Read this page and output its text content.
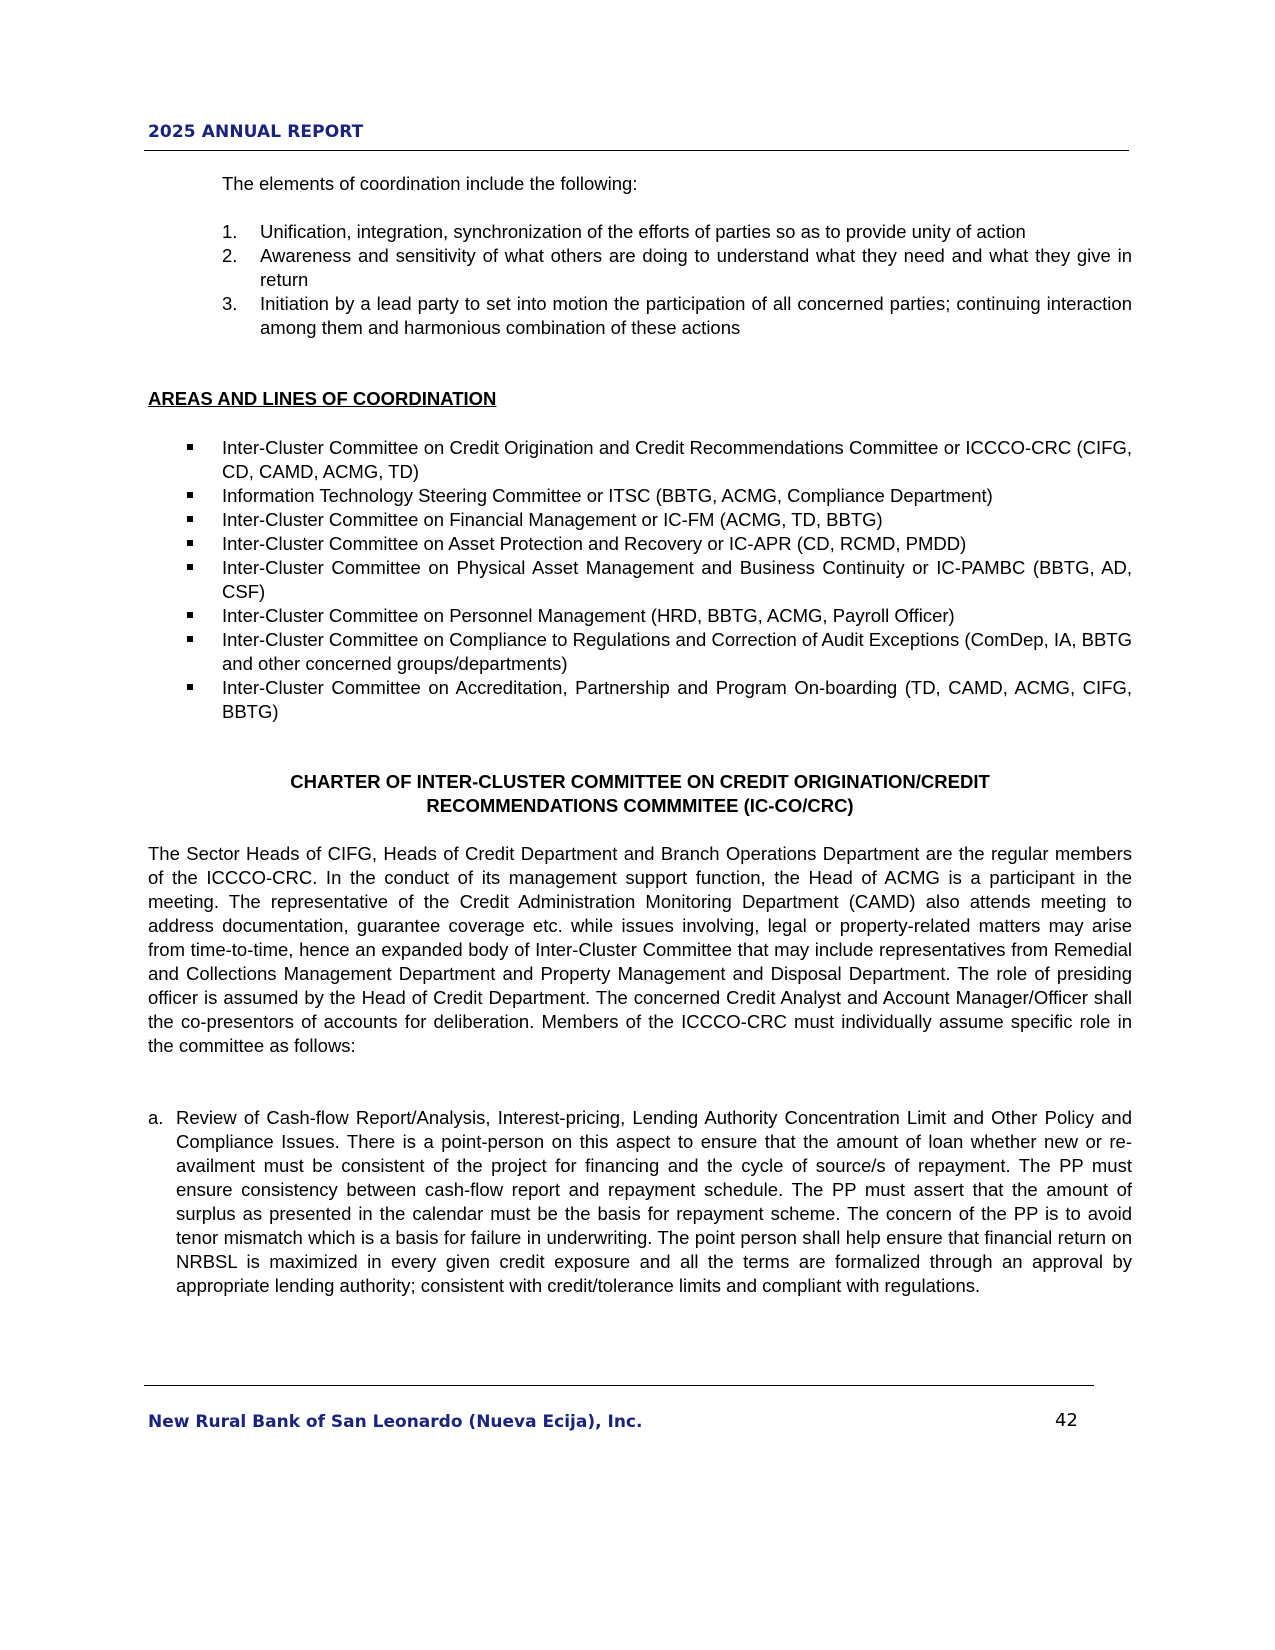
2025 ANNUAL REPORT
The elements of coordination include the following:
1.	Unification, integration, synchronization of the efforts of parties so as to provide unity of action
2.	Awareness and sensitivity of what others are doing to understand what they need and what they give in return
3.	Initiation by a lead party to set into motion the participation of all concerned parties; continuing interaction among them and harmonious combination of these actions
AREAS AND LINES OF COORDINATION
Inter-Cluster Committee on Credit Origination and Credit Recommendations Committee or ICCCO-CRC (CIFG, CD, CAMD, ACMG, TD)
Information Technology Steering Committee or ITSC (BBTG, ACMG, Compliance Department)
Inter-Cluster Committee on Financial Management or IC-FM (ACMG, TD, BBTG)
Inter-Cluster Committee on Asset Protection and Recovery or IC-APR (CD, RCMD, PMDD)
Inter-Cluster Committee on Physical Asset Management and Business Continuity or IC-PAMBC (BBTG, AD, CSF)
Inter-Cluster Committee on Personnel Management (HRD, BBTG, ACMG, Payroll Officer)
Inter-Cluster Committee on Compliance to Regulations and Correction of Audit Exceptions (ComDep, IA, BBTG and other concerned groups/departments)
Inter-Cluster Committee on Accreditation, Partnership and Program On-boarding (TD, CAMD, ACMG, CIFG, BBTG)
CHARTER OF INTER-CLUSTER COMMITTEE ON CREDIT ORIGINATION/CREDIT
RECOMMENDATIONS COMMMITEE (IC-CO/CRC)
The Sector Heads of CIFG, Heads of Credit Department and Branch Operations Department are the regular members of the ICCCO-CRC. In the conduct of its management support function, the Head of ACMG is a participant in the meeting. The representative of the Credit Administration Monitoring Department (CAMD) also attends meeting to address documentation, guarantee coverage etc. while issues involving, legal or property-related matters may arise from time-to-time, hence an expanded body of Inter-Cluster Committee that may include representatives from Remedial and Collections Management Department and Property Management and Disposal Department. The role of presiding officer is assumed by the Head of Credit Department. The concerned Credit Analyst and Account Manager/Officer shall the co-presentors of accounts for deliberation. Members of the ICCCO-CRC must individually assume specific role in the committee as follows:
a. Review of Cash-flow Report/Analysis, Interest-pricing, Lending Authority Concentration Limit and Other Policy and Compliance Issues. There is a point-person on this aspect to ensure that the amount of loan whether new or re-availment must be consistent of the project for financing and the cycle of source/s of repayment. The PP must ensure consistency between cash-flow report and repayment schedule. The PP must assert that the amount of surplus as presented in the calendar must be the basis for repayment scheme. The concern of the PP is to avoid tenor mismatch which is a basis for failure in underwriting. The point person shall help ensure that financial return on NRBSL is maximized in every given credit exposure and all the terms are formalized through an approval by appropriate lending authority; consistent with credit/tolerance limits and compliant with regulations.
New Rural Bank of San Leonardo (Nueva Ecija), Inc.	42
